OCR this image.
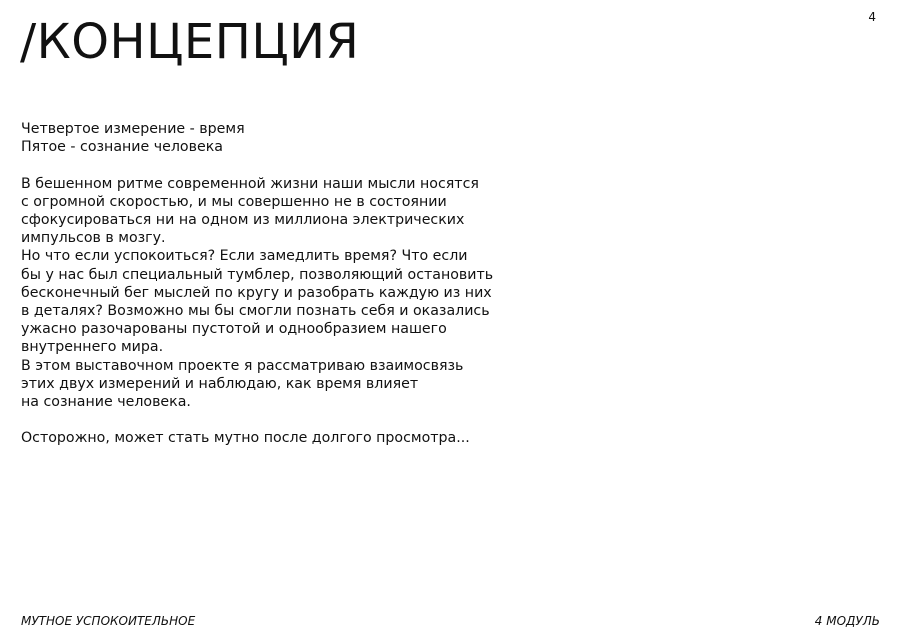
4
/КОНЦЕПЦИЯ
Четвертое измерение - время
Пятое - сознание человека
В бешенном ритме современной жизни наши мысли носятся
с огромной скоростью, и мы совершенно не в состоянии
сфокусироваться ни на одном из миллиона электрических
импульсов в мозгу.
Но что если успокоиться? Если замедлить время? Что если
бы у нас был специальный тумблер, позволяющий остановить
бесконечный бег мыслей по кругу и разобрать каждую из них
в деталях? Возможно мы бы смогли познать себя и оказались
ужасно разочарованы пустотой и однообразием нашего
внутреннего мира.
В этом выставочном проекте я рассматриваю взаимосвязь
этих двух измерений и наблюдаю, как время влияет
на сознание человека.
Осторожно, может стать мутно после долгого просмотра...
МУТНОЕ УСПОКОИТЕЛЬНОЕ	4 МОДУЛЬ
